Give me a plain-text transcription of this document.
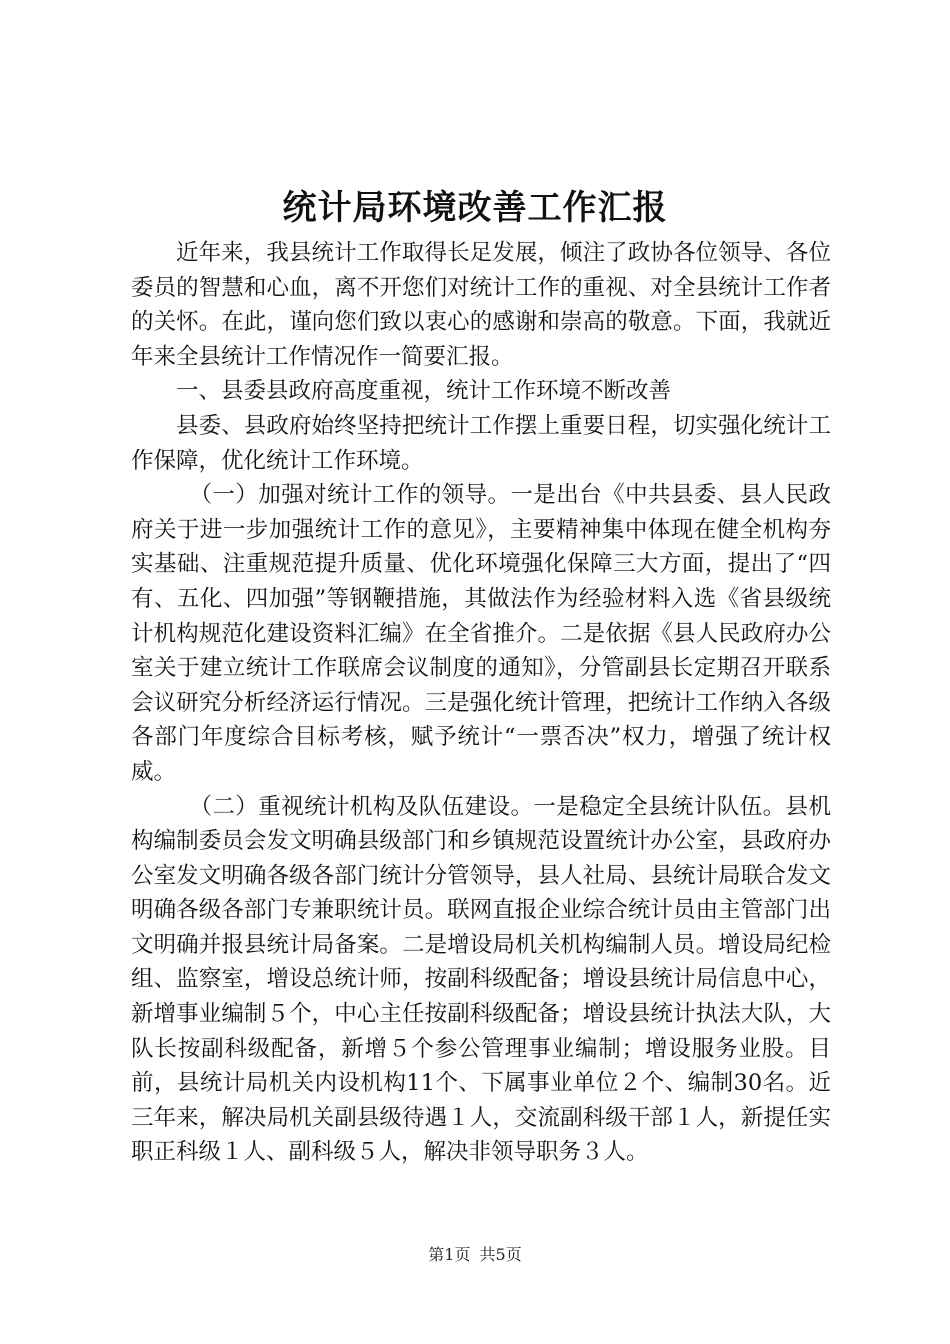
统计局环境改善工作汇报

近年来，我县统计工作取得长足发展，倾注了政协各位领导、各位委员的智慧和心血，离不开您们对统计工作的重视、对全县统计工作者的关怀。在此，谨向您们致以衷心的感谢和崇高的敬意。下面，我就近年来全县统计工作情况作一简要汇报。

一、县委县政府高度重视，统计工作环境不断改善

县委、县政府始终坚持把统计工作摆上重要日程，切实强化统计工作保障，优化统计工作环境。

（一）加强对统计工作的领导。一是出台《中共县委、县人民政府关于进一步加强统计工作的意见》，主要精神集中体现在健全机构夯实基础、注重规范提升质量、优化环境强化保障三大方面，提出了“四有、五化、四加强”等钢鞭措施，其做法作为经验材料入选《省县级统计机构规范化建设资料汇编》在全省推介。二是依据《县人民政府办公室关于建立统计工作联席会议制度的通知》，分管副县长定期召开联系会议研究分析经济运行情况。三是强化统计管理，把统计工作纳入各级各部门年度综合目标考核，赋予统计“一票否决”权力，增强了统计权威。

（二）重视统计机构及队伍建设。一是稳定全县统计队伍。县机构编制委员会发文明确县级部门和乡镇规范设置统计办公室，县政府办公室发文明确各级各部门统计分管领导，县人社局、县统计局联合发文明确各级各部门专兼职统计员。联网直报企业综合统计员由主管部门出文明确并报县统计局备案。二是增设局机关机构编制人员。增设局纪检组、监察室，增设总统计师，按副科级配备；增设县统计局信息中心，新增事业编制５个，中心主任按副科级配备；增设县统计执法大队，大队长按副科级配备，新增５个参公管理事业编制；增设服务业股。目前，县统计局机关内设机构11个、下属事业单位２个、编制30名。近三年来，解决局机关副县级待遇１人，交流副科级干部１人，新提任实职正科级１人、副科级５人，解决非领导职务３人。

第1页 共5页
